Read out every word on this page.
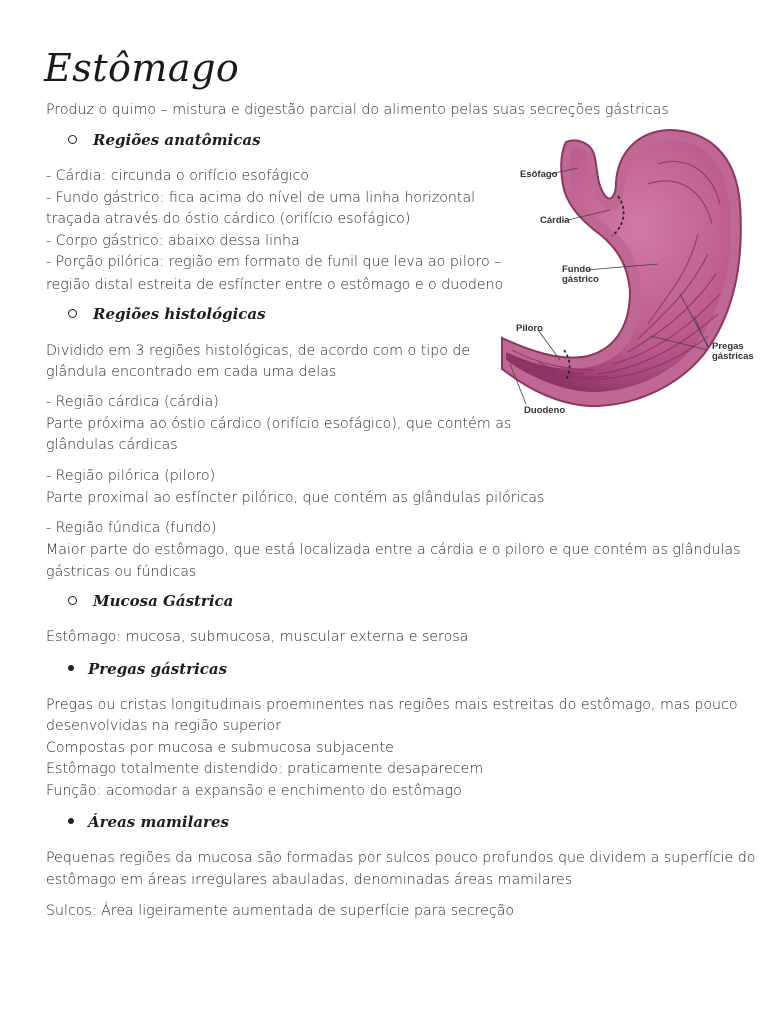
Estômago
Produz o quimo – mistura e digestão parcial do alimento pelas suas secreções gástricas
Regiões anatômicas
- Cárdia: circunda o orifício esofágico
- Fundo gástrico: fica acima do nível de uma linha horizontal
traçada através do óstio cárdico (orifício esofágico)
- Corpo gástrico: abaixo dessa linha
- Porção pilórica: região em formato de funil que leva ao piloro –
região distal estreita de esfíncter entre o estômago e o duodeno
Regiões histológicas
Dividido em 3 regiões histológicas, de acordo com o tipo de
glândula encontrado em cada uma delas
- Região cárdica (cárdia)
Parte próxima ao óstio cárdico (orifício esofágico), que contém as
glândulas cárdicas
- Região pilórica (piloro)
Parte proximal ao esfíncter pilórico, que contém as glândulas pilóricas
- Região fúndica (fundo)
Maior parte do estômago, que está localizada entre a cárdia e o piloro e que contém as glândulas
gástricas ou fúndicas
Mucosa Gástrica
Estômago: mucosa, submucosa, muscular externa e serosa
Pregas gástricas
Pregas ou cristas longitudinais proeminentes nas regiões mais estreitas do estômago, mas pouco
desenvolvidas na região superior
Compostas por mucosa e submucosa subjacente
Estômago totalmente distendido: praticamente desaparecem
Função: acomodar a expansão e enchimento do estômago
Áreas mamilares
Pequenas regiões da mucosa são formadas por sulcos pouco profundos que dividem a superfície do
estômago em áreas irregulares abauladas, denominadas áreas mamilares
Sulcos: Área ligeiramente aumentada de superfície para secreção
Esôfago
Cárdia
Fundo
gástrico
Piloro
Pregas
gástricas
Duodeno
